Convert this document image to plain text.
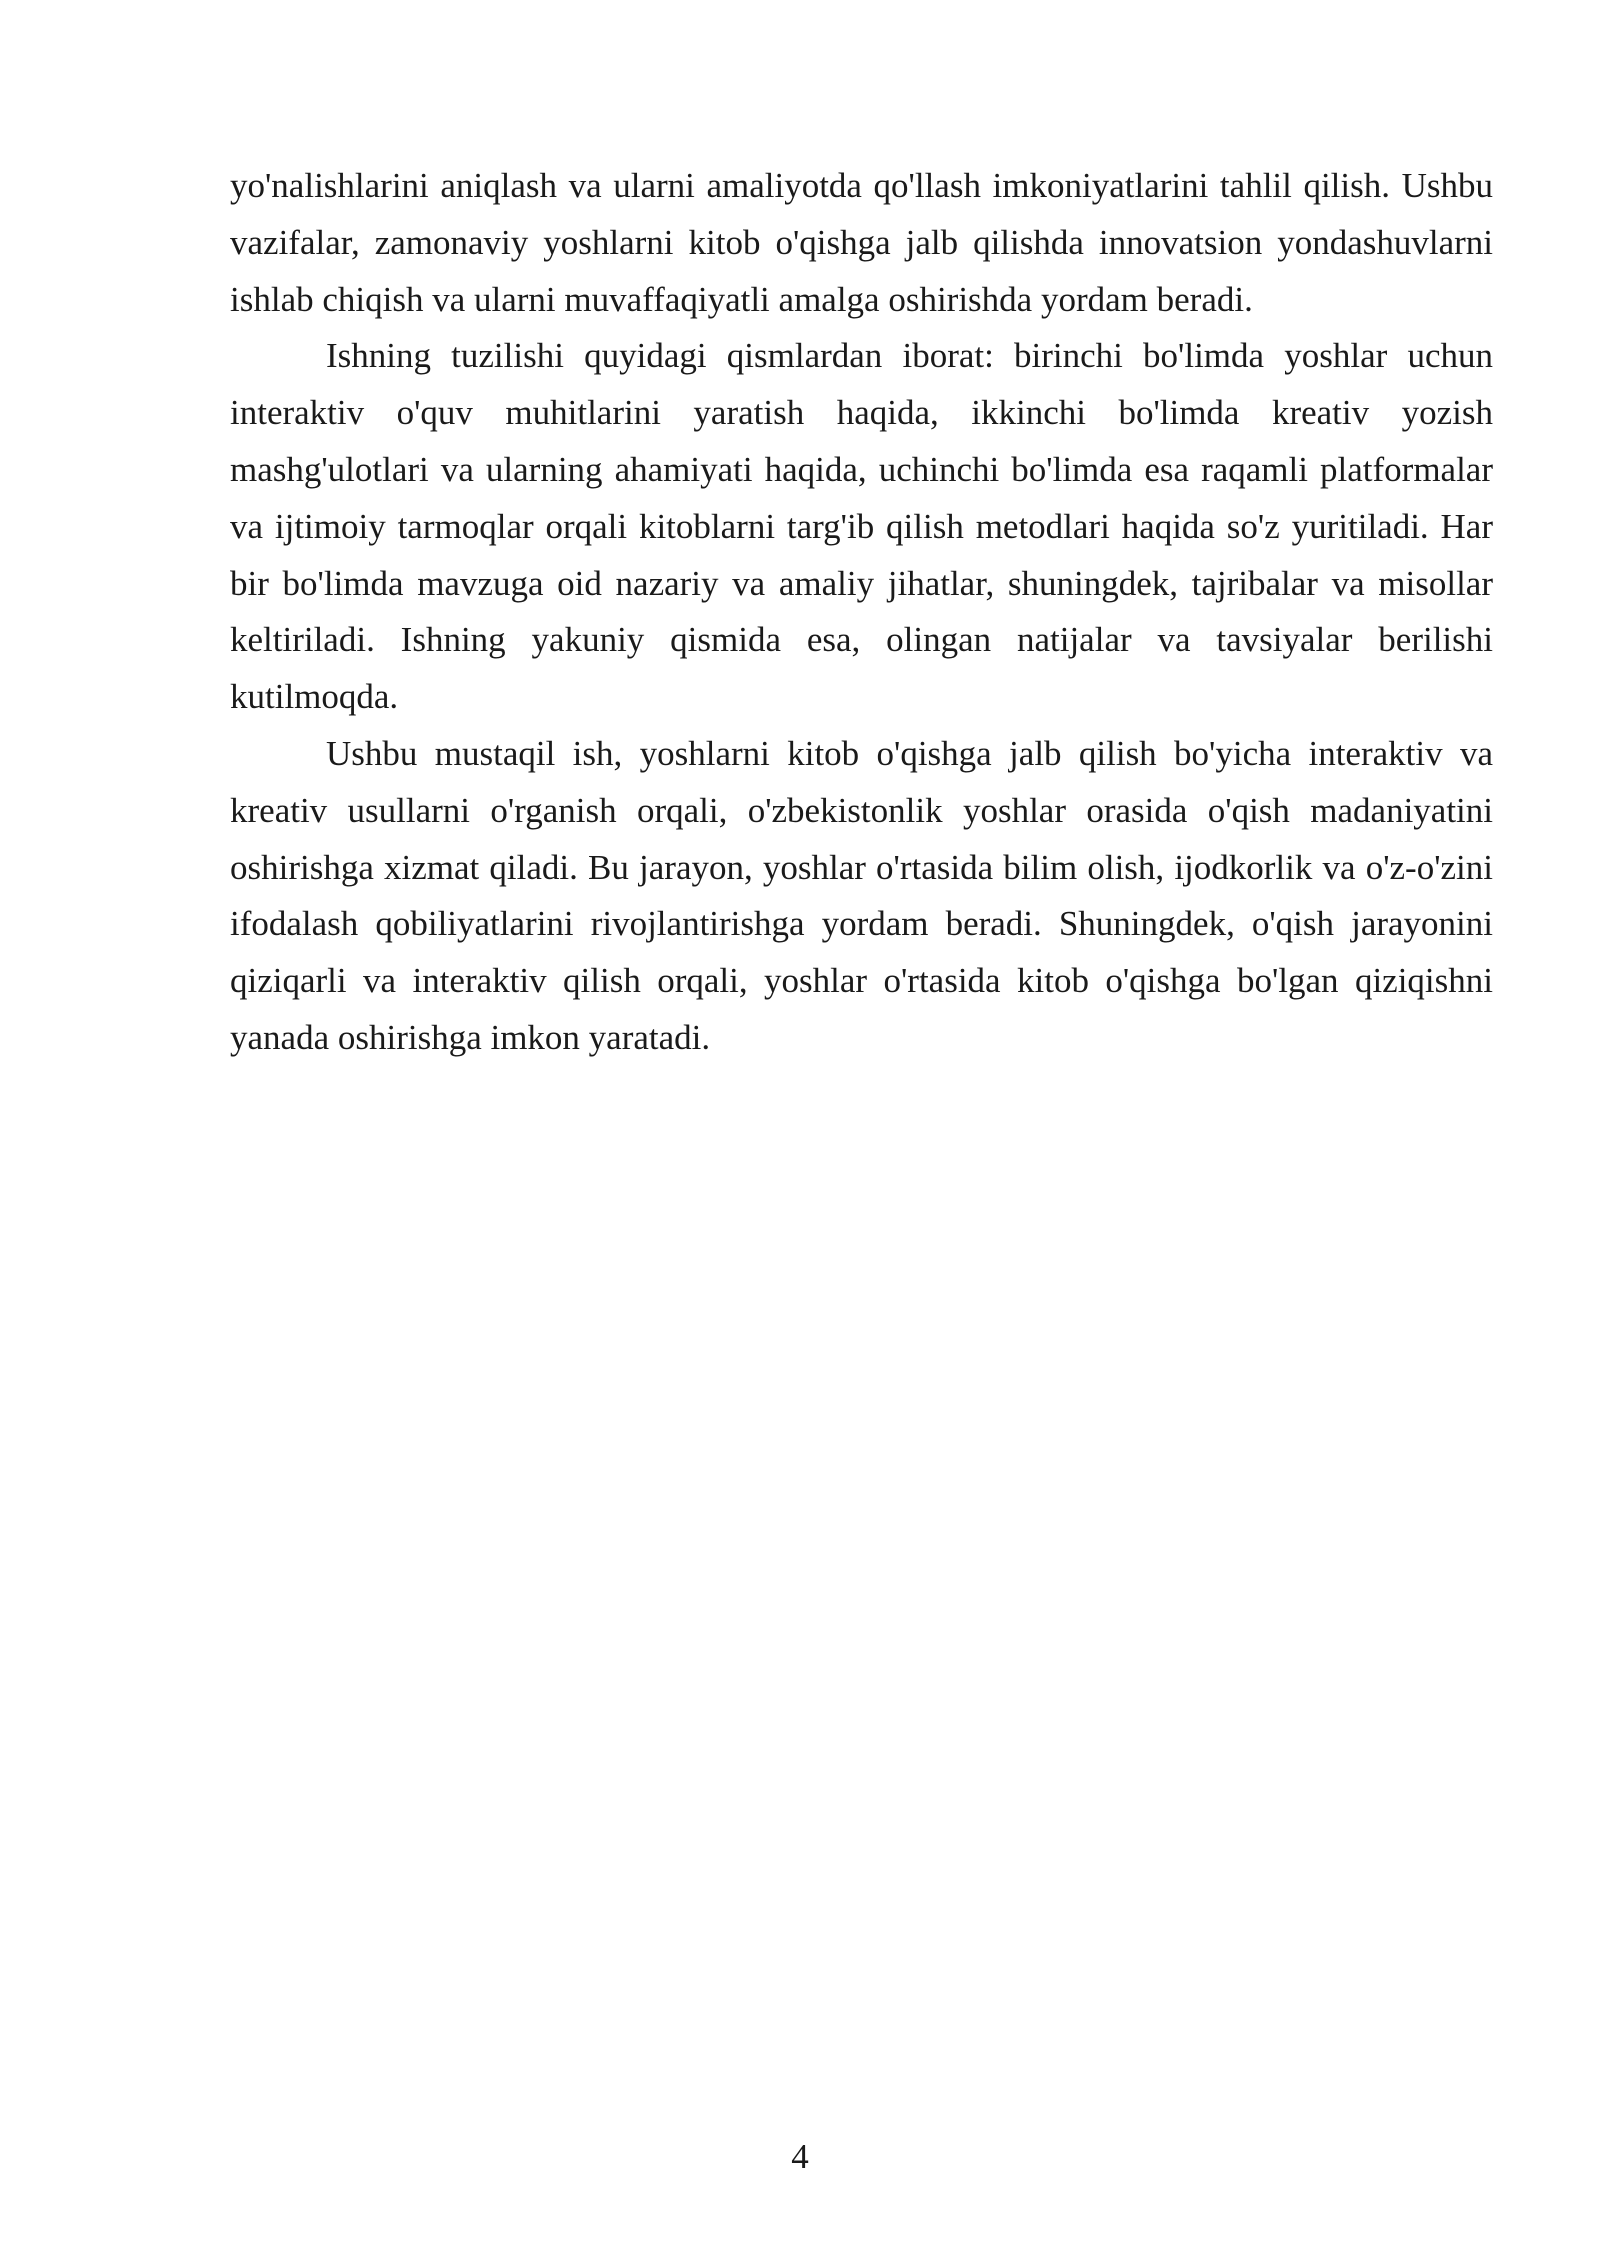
yo'nalishlarini aniqlash va ularni amaliyotda qo'llash imkoniyatlarini tahlil qilish. Ushbu vazifalar, zamonaviy yoshlarni kitob o'qishga jalb qilishda innovatsion yondashuvlarni ishlab chiqish va ularni muvaffaqiyatli amalga oshirishda yordam beradi.

Ishning tuzilishi quyidagi qismlardan iborat: birinchi bo'limda yoshlar uchun interaktiv o'quv muhitlarini yaratish haqida, ikkinchi bo'limda kreativ yozish mashg'ulotlari va ularning ahamiyati haqida, uchinchi bo'limda esa raqamli platformalar va ijtimoiy tarmoqlar orqali kitoblarni targ'ib qilish metodlari haqida so'z yuritiladi. Har bir bo'limda mavzuga oid nazariy va amaliy jihatlar, shuningdek, tajribalar va misollar keltiriladi. Ishning yakuniy qismida esa, olingan natijalar va tavsiyalar berilishi kutilmoqda.

Ushbu mustaqil ish, yoshlarni kitob o'qishga jalb qilish bo'yicha interaktiv va kreativ usullarni o'rganish orqali, o'zbekistonlik yoshlar orasida o'qish madaniyatini oshirishga xizmat qiladi. Bu jarayon, yoshlar o'rtasida bilim olish, ijodkorlik va o'z-o'zini ifodalash qobiliyatlarini rivojlantirishga yordam beradi. Shuningdek, o'qish jarayonini qiziqarli va interaktiv qilish orqali, yoshlar o'rtasida kitob o'qishga bo'lgan qiziqishni yanada oshirishga imkon yaratadi.

4
